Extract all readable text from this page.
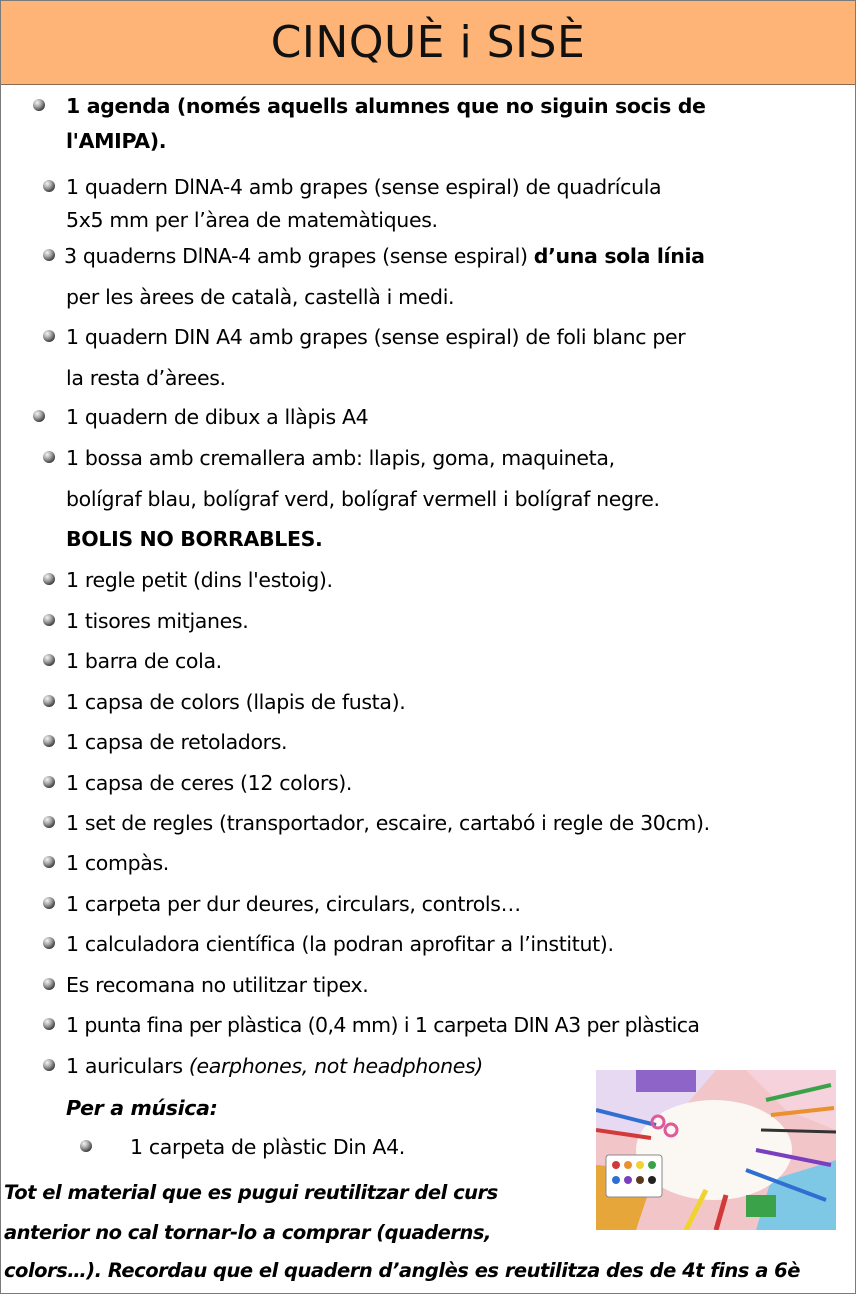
CINQUÈ i SISÈ
1 agenda (només aquells alumnes que no siguin socis de
l'AMIPA).
1 quadern DlNA-4 amb grapes (sense espiral) de quadrícula
5x5 mm per l’àrea de matemàtiques.
3 quaderns DlNA-4 amb grapes (sense espiral) d’una sola línia
per les àrees de català, castellà i medi.
1 quadern DIN A4 amb grapes (sense espiral) de foli blanc per
la resta d’àrees.
1 quadern de dibux a llàpis A4
1 bossa amb cremallera amb: llapis, goma, maquineta,
bolígraf blau, bolígraf verd, bolígraf vermell i bolígraf negre.
BOLIS NO BORRABLES.
1 regle petit (dins l'estoig).
1 tisores mitjanes.
1 barra de cola.
1 capsa de colors (llapis de fusta).
1 capsa de retoladors.
1 capsa de ceres (12 colors).
1 set de regles (transportador, escaire, cartabó i regle de 30cm).
1 compàs.
1 carpeta per dur deures, circulars, controls…
1 calculadora científica (la podran aprofitar a l’institut).
Es recomana no utilitzar tipex.
1 punta fina per plàstica (0,4 mm) i 1 carpeta DIN A3 per plàstica
1 auriculars (earphones, not headphones)
Per a música:
1 carpeta de plàstic Din A4.
Tot el material que es pugui reutilitzar del curs
anterior no cal tornar-lo a comprar (quaderns,
colors…). Recordau que el quadern d’anglès es reutilitza des de 4t fins a 6è
